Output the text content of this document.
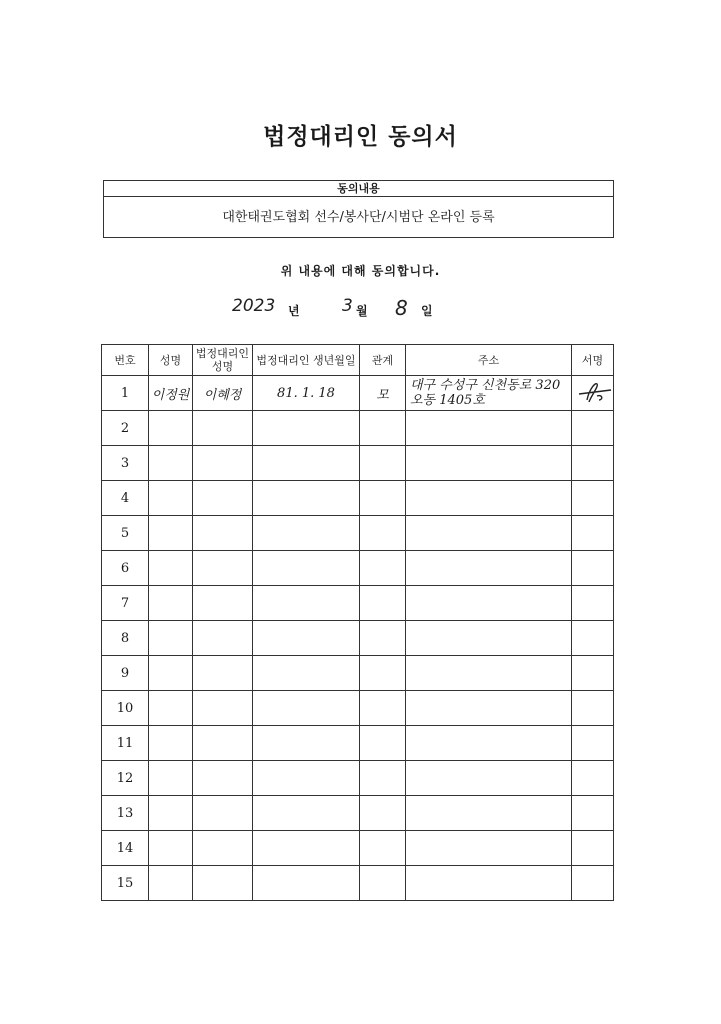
법정대리인 동의서
동의내용
대한태권도협회 선수/봉사단/시범단 온라인 등록
위 내용에 대해 동의합니다.
2023 년 3 월 8 일
번호	성명	법정대리인 성명	법정대리인 생년월일	관계	주소	서명
1	이정원	이혜정	81. 1. 18	모	대구 수성구 신천동로 320 오동 1405호	
2						
3						
4						
5						
6						
7						
8						
9						
10						
11						
12						
13						
14						
15						
